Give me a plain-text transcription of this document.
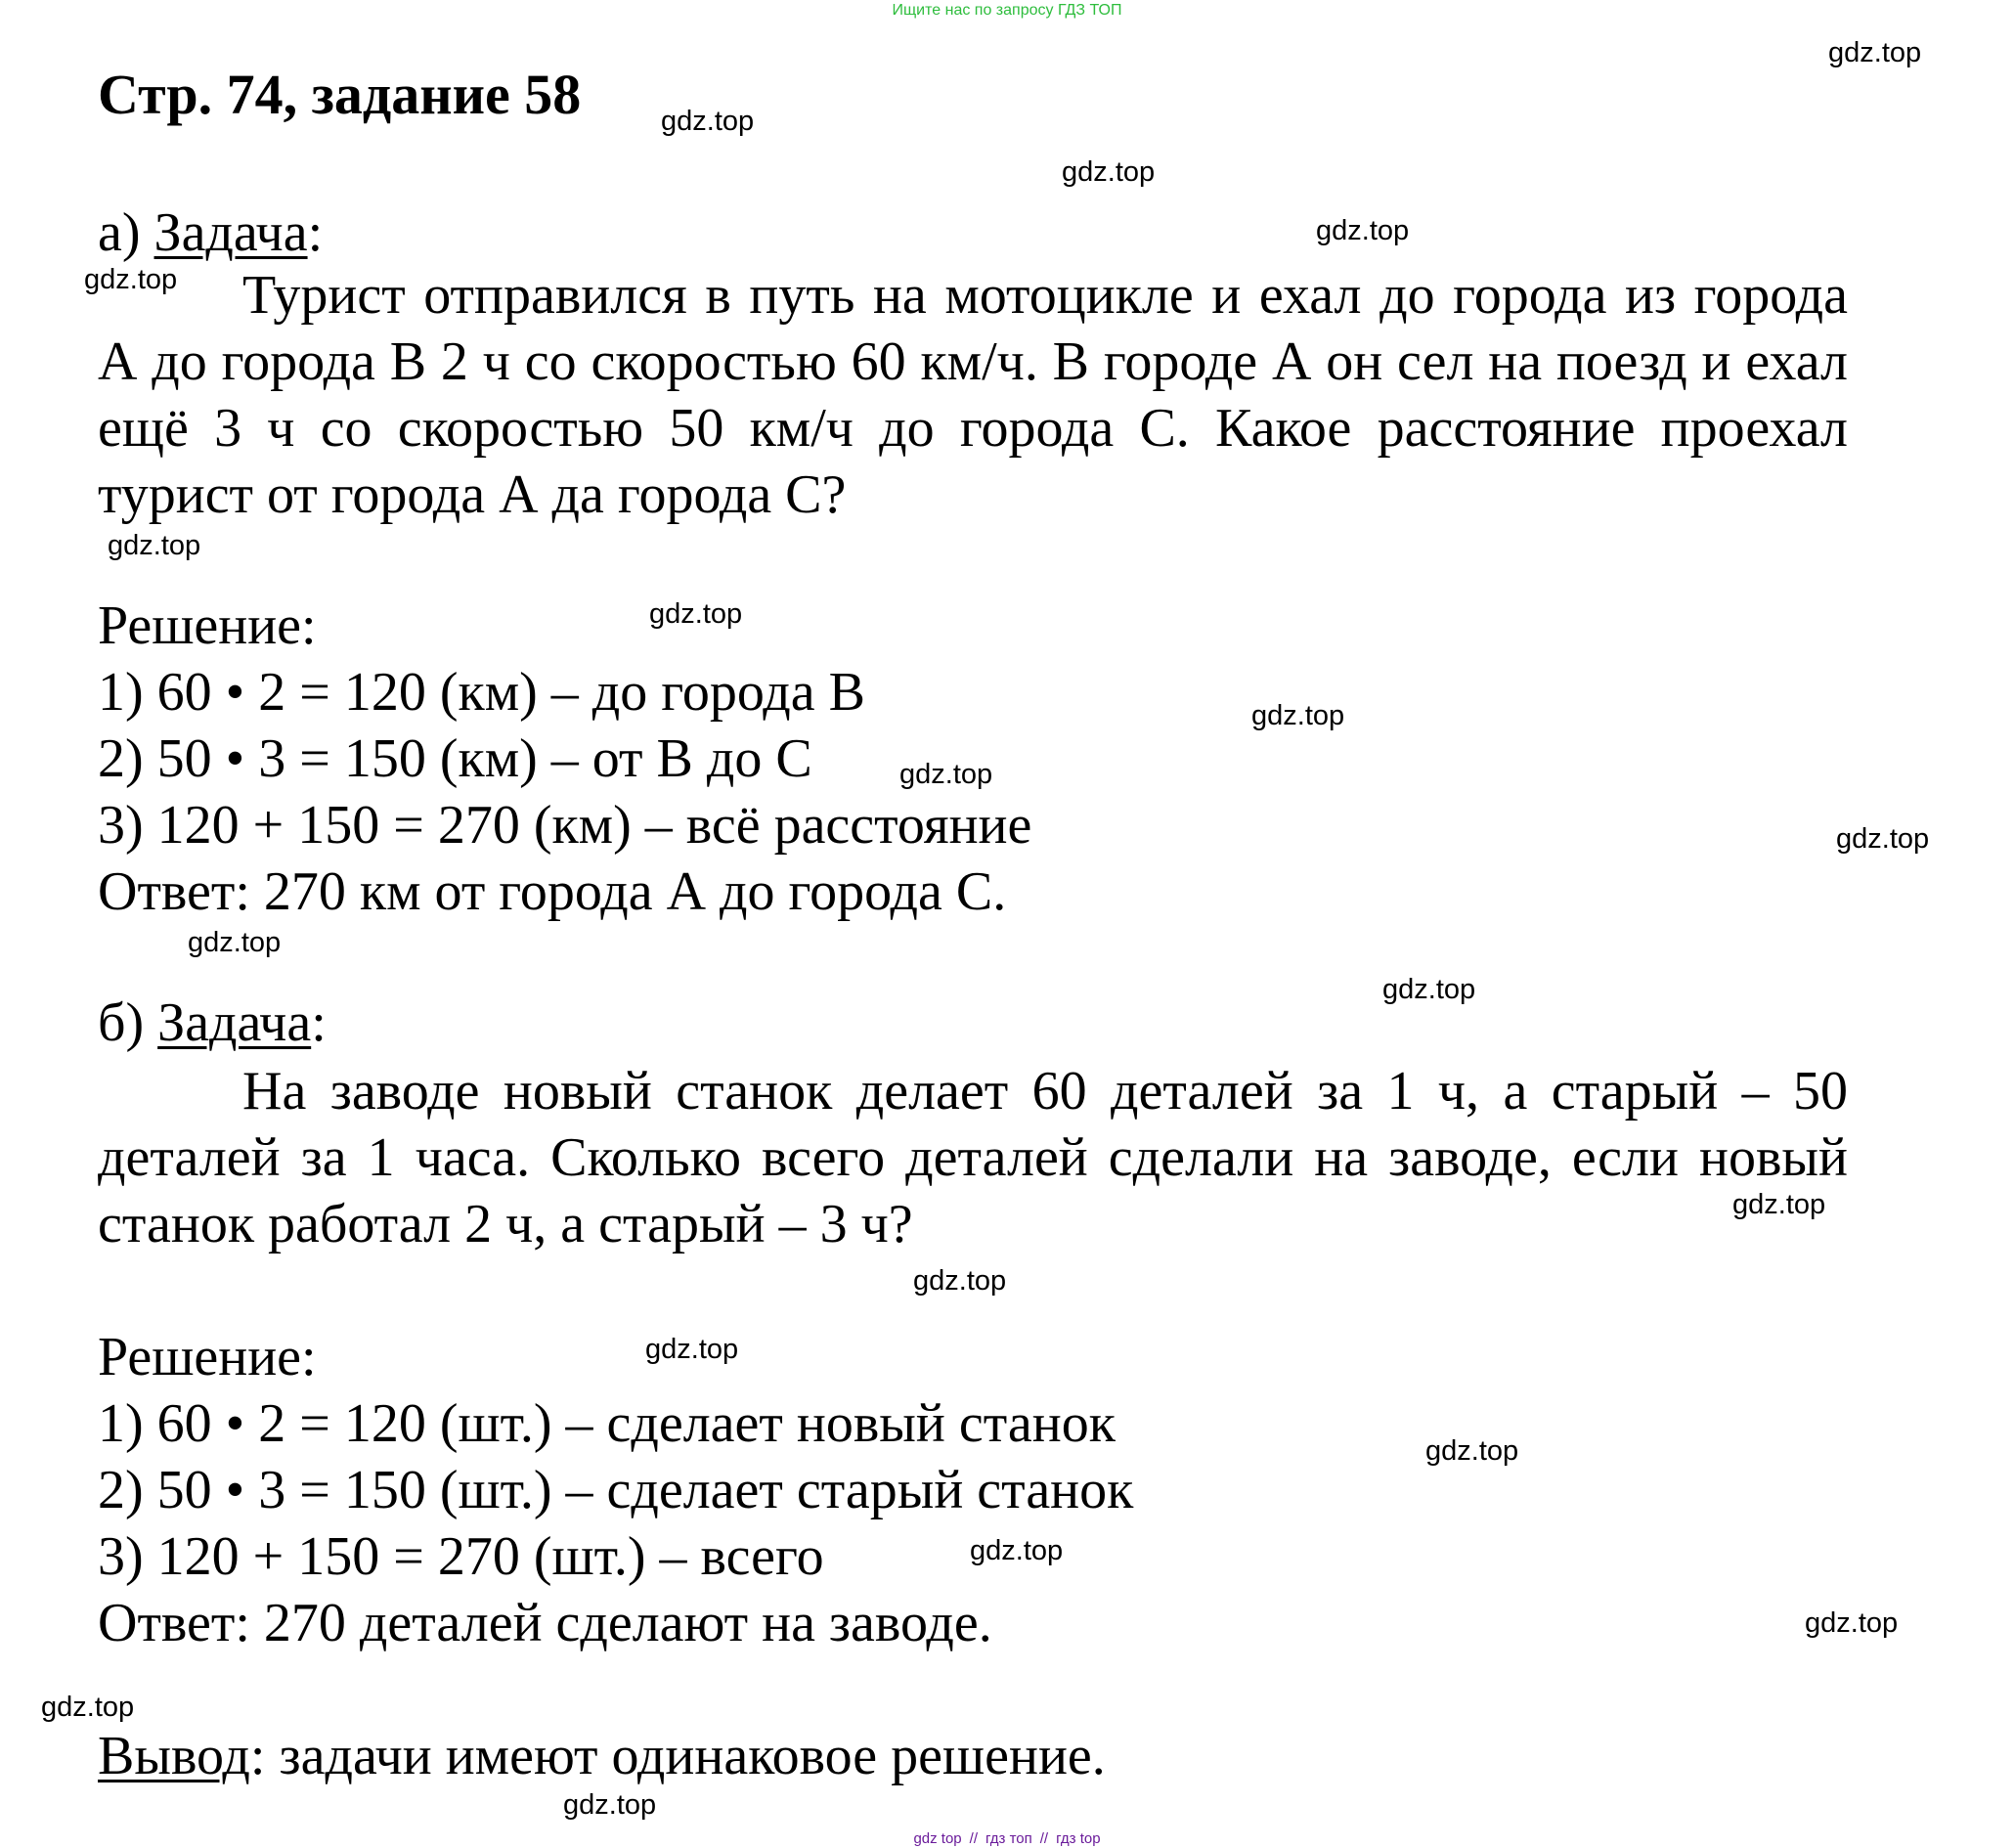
Ищите нас по запросу ГДЗ ТОП
Стр. 74, задание 58
а) Задача:
Турист отправился в путь на мотоцикле и ехал до города из города А до города В 2 ч со скоростью 60 км/ч. В городе А он сел на поезд и ехал ещё 3 ч со скоростью 50 км/ч до города С. Какое расстояние проехал турист от города А да города С?
Решение:
1) 60 • 2 = 120 (км) – до города В
2) 50 • 3 = 150 (км) – от В до С
3) 120 + 150 = 270 (км) – всё расстояние
Ответ: 270 км от города А до города С.
б) Задача:
На заводе новый станок делает 60 деталей за 1 ч, а старый – 50 деталей за 1 часа. Сколько всего деталей сделали на заводе, если новый станок работал 2 ч, а старый – 3 ч?
Решение:
1) 60 • 2 = 120 (шт.) – сделает новый станок
2) 50 • 3 = 150 (шт.) – сделает старый станок
3) 120 + 150 = 270 (шт.) – всего
Ответ: 270 деталей сделают на заводе.
Вывод: задачи имеют одинаковое решение.
gdz.top
gdz.top
gdz.top
gdz.top
gdz.top
gdz.top
gdz.top
gdz.top
gdz.top
gdz.top
gdz.top
gdz.top
gdz.top
gdz.top
gdz.top
gdz.top
gdz.top
gdz.top
gdz.top
gdz.top
gdz top // гдз топ // гдз top
